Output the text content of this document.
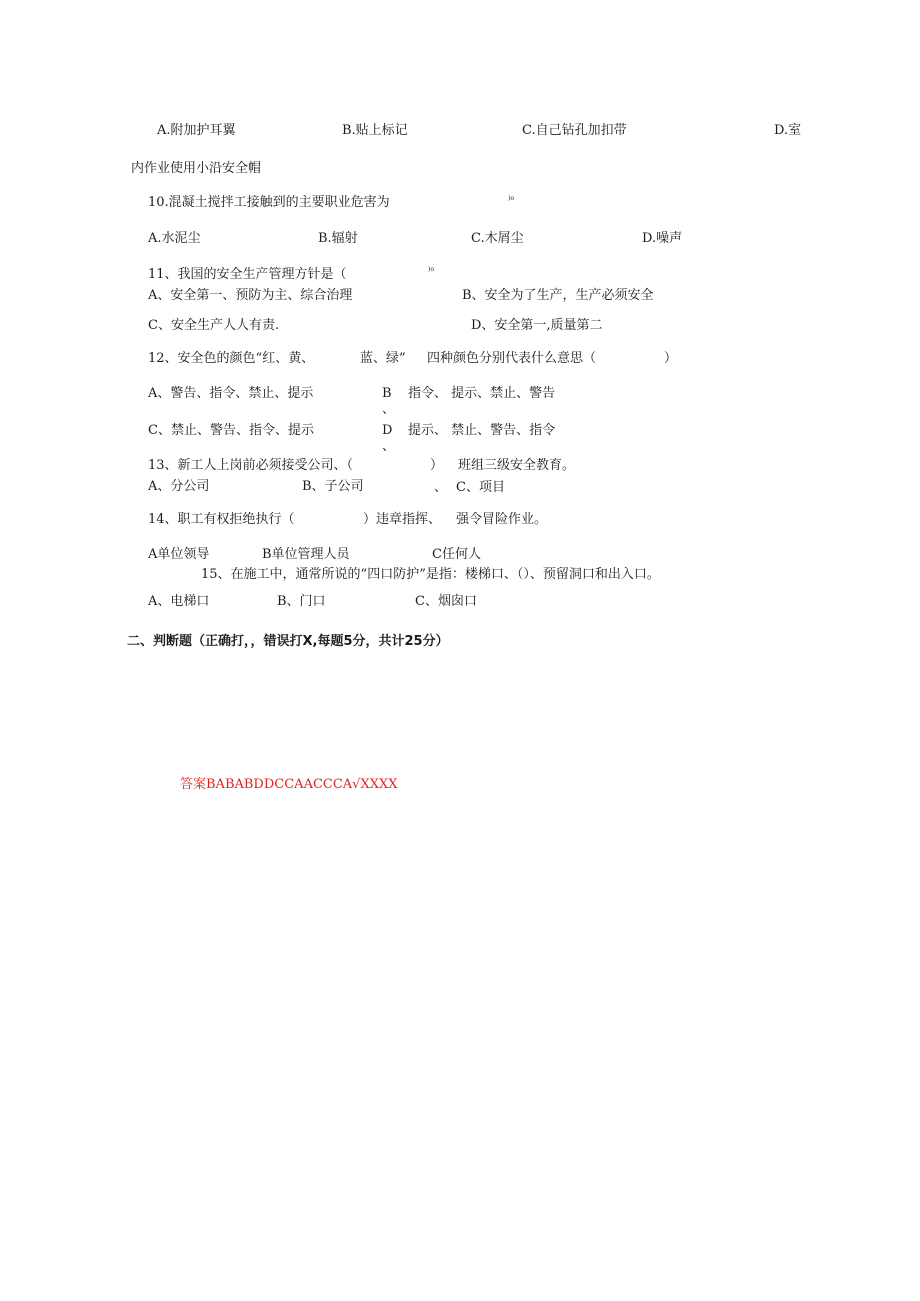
A.附加护耳翼	B.贴上标记	C.自己钻孔加扣带	D.室
内作业使用小沿安全帽
10.混凝土搅拌工接触到的主要职业危害为	)o
A.水泥尘	B.辐射	C.木屑尘	D.噪声
11、我国的安全生产管理方针是（	)o
A、安全第一、预防为主、综合治理	B、安全为了生产，生产必须安全
C、安全生产人人有责.	D、安全第一,质量第二
12、安全色的颜色“红、黄、	蓝、绿” 四种颜色分别代表什么意思（	）
A、警告、指令、禁止、提示	B
、
指令、 提示、禁止、警告
C、禁止、警告、指令、提示	D
、
提示、 禁止、警告、指令
13、新工人上岗前必须接受公司、（	） 班组三级安全教育。
A、分公司	B、子公司	、 C、项目
14、职工有权拒绝执行（	）违章指挥、 强令冒险作业。
A单位领导	B单位管理人员	C任何人
15、在施工中，通常所说的“四口防护”是指：楼梯口、（）、预留洞口和出入口。
A、电梯口	B、门口	C、烟囱口
二、判断题（正确打，，错误打X,每题5分，共计25分）
答案BABABDDCCAACCCA√XXXX
